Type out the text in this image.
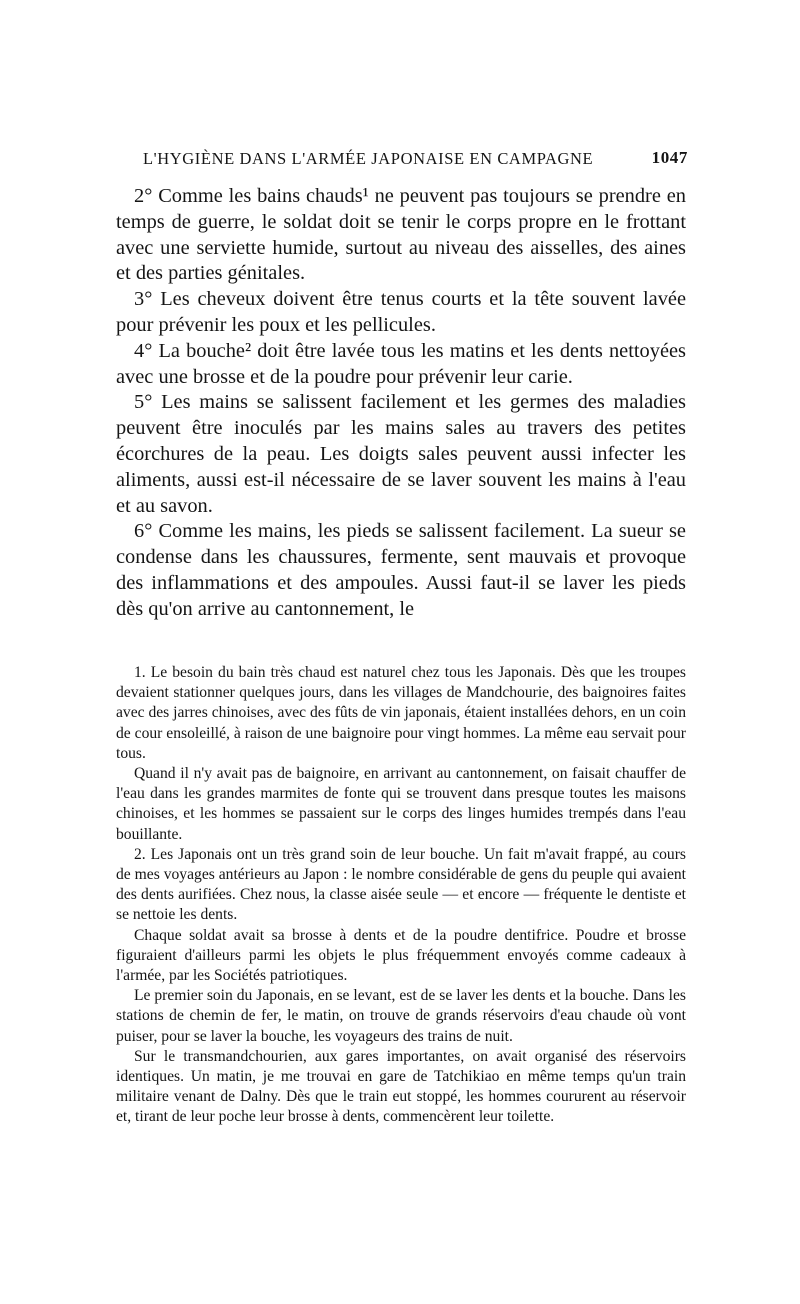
L'HYGIÈNE DANS L'ARMÉE JAPONAISE EN CAMPAGNE	1047

2° Comme les bains chauds¹ ne peuvent pas toujours se prendre en temps de guerre, le soldat doit se tenir le corps propre en le frottant avec une serviette humide, surtout au niveau des aisselles, des aines et des parties génitales.

3° Les cheveux doivent être tenus courts et la tête souvent lavée pour prévenir les poux et les pellicules.

4° La bouche² doit être lavée tous les matins et les dents nettoyées avec une brosse et de la poudre pour prévenir leur carie.

5° Les mains se salissent facilement et les germes des maladies peuvent être inoculés par les mains sales au travers des petites écorchures de la peau. Les doigts sales peuvent aussi infecter les aliments, aussi est-il nécessaire de se laver souvent les mains à l'eau et au savon.

6° Comme les mains, les pieds se salissent facilement. La sueur se condense dans les chaussures, fermente, sent mauvais et provoque des inflammations et des ampoules. Aussi faut-il se laver les pieds dès qu'on arrive au cantonnement, le

1. Le besoin du bain très chaud est naturel chez tous les Japonais. Dès que les troupes devaient stationner quelques jours, dans les villages de Mandchourie, des baignoires faites avec des jarres chinoises, avec des fûts de vin japonais, étaient installées dehors, en un coin de cour ensoleillé, à raison de une baignoire pour vingt hommes. La même eau servait pour tous.

Quand il n'y avait pas de baignoire, en arrivant au cantonnement, on faisait chauffer de l'eau dans les grandes marmites de fonte qui se trouvent dans presque toutes les maisons chinoises, et les hommes se passaient sur le corps des linges humides trempés dans l'eau bouillante.

2. Les Japonais ont un très grand soin de leur bouche. Un fait m'avait frappé, au cours de mes voyages antérieurs au Japon : le nombre considérable de gens du peuple qui avaient des dents aurifiées. Chez nous, la classe aisée seule — et encore — fréquente le dentiste et se nettoie les dents.

Chaque soldat avait sa brosse à dents et de la poudre dentifrice. Poudre et brosse figuraient d'ailleurs parmi les objets le plus fréquemment envoyés comme cadeaux à l'armée, par les Sociétés patriotiques.

Le premier soin du Japonais, en se levant, est de se laver les dents et la bouche. Dans les stations de chemin de fer, le matin, on trouve de grands réservoirs d'eau chaude où vont puiser, pour se laver la bouche, les voyageurs des trains de nuit.

Sur le transmandchourien, aux gares importantes, on avait organisé des réservoirs identiques. Un matin, je me trouvai en gare de Tatchikiao en même temps qu'un train militaire venant de Dalny. Dès que le train eut stoppé, les hommes coururent au réservoir et, tirant de leur poche leur brosse à dents, commencèrent leur toilette.
